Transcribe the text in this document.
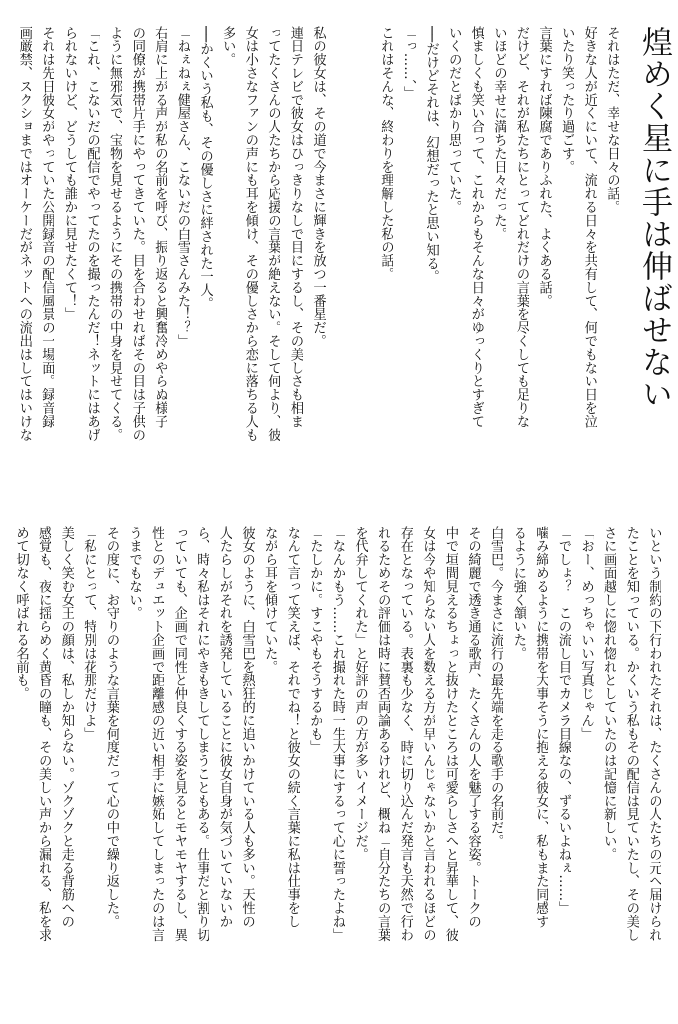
煌めく星に手は伸ばせない
それはただ、幸せな日々の話。
好きな人が近くにいて、流れる日々を共有して、何でもない日を泣
いたり笑ったり過ごす。
言葉にすれば陳腐でありふれた、よくある話。
だけど、それが私たちにとってどれだけの言葉を尽くしても足りな
いほどの幸せに満ちた日々だった。
慎ましくも笑い合って、これからもそんな日々がゆっくりとすぎて
いくのだとばかり思っていた。
──だけどそれは、幻想だったと思い知る。
「っ……、」
これはそんな、終わりを理解した私の話。
私の彼女は、その道で今まさに輝きを放つ一番星だ。
連日テレビで彼女はひっきりなしで目にするし、その美しさも相ま
ってたくさんの人たちから応援の言葉が絶えない。そして何より、彼
女は小さなファンの声にも耳を傾け、その優しさから恋に落ちる人も
多い。
──かくいう私も、その優しさに絆された一人。
「ねぇねぇ健屋さん、こないだの白雪さんみた！？」
右肩に上がる声が私の名前を呼び、振り返ると興奮冷めやらぬ様子
の同僚が携帯片手にやってきていた。目を合わせればその目は子供の
ように無邪気で、宝物を見せるようにその携帯の中身を見せてくる。
「これ、こないだの配信でやってたのを撮ったんだ！ネットにはあげ
られないけど、どうしても誰かに見せたくて！」
それは先日彼女がやっていた公開録音の配信風景の一場面。録音録
画厳禁、スクショまではオーケーだがネットへの流出はしてはいけな
いという制約の下行われたそれは、たくさんの人たちの元へ届けられ
たことを知っている。かくいう私もその配信は見ていたし、その美し
さに画面越しに惚れ惚れとしていたのは記憶に新しい。
「おー、めっちゃいい写真じゃん」
「でしょ？　この流し目でカメラ目線なの、ずるいよねぇ……」
噛み締めるように携帯を大事そうに抱える彼女に、私もまた同感す
るように強く頷いた。
白雪巴。今まさに流行の最先端を走る歌手の名前だ。
その綺麗で透き通る歌声、たくさんの人を魅了する容姿。トークの
中で垣間見えるちょっと抜けたところは可愛らしさへと昇華して、彼
女は今や知らない人を数える方が早いんじゃないかと言われるほどの
存在となっている。表裏も少なく、時に切り込んだ発言も天然で行わ
れるためその評価は時に賛否両論あるけれど、概ね「自分たちの言葉
を代弁してくれた」と好評の声の方が多いイメージだ。
「なんかもう……これ撮れた時一生大事にするって心に誓ったよね」
「たしかに。すこやもそうするかも」
なんて言って笑えば、それでね！と彼女の続く言葉に私は仕事をし
ながら耳を傾けていた。
彼女のように、白雪巴を熱狂的に追いかけている人も多い。天性の
人たらしがそれを誘発していることに彼女自身が気づいていないか
ら、時々私はそれにやきもきしてしまうこともある。仕事だと割り切
っていても、企画で同性と仲良くする姿を見るとモヤモヤするし、異
性とのデュエット企画で距離感の近い相手に嫉妬してしまったのは言
うまでもない。
その度に、お守りのような言葉を何度だって心の中で繰り返した。
「私にとって、特別は花那だけよ」
美しく笑む女王の顔は、私しか知らない。ゾクゾクと走る背筋への
感覚も、夜に揺らめく黄昏の瞳も、その美しい声から漏れる、私を求
めて切なく呼ばれる名前も。
